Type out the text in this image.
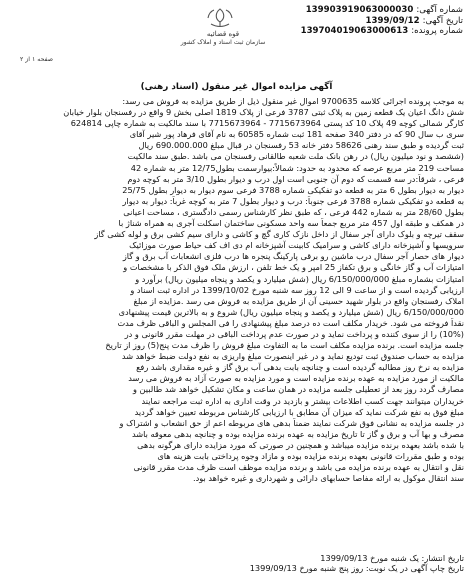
شماره آگهی: 139903919063000030
تاریخ آگهی: 1399/09/12
شماره پرونده: 139704019063000613
قوه قضائیه
سازمان ثبت اسناد و املاک کشور
صفحه ۱ از ۲
آگهی مزایده اموال غیر منقول (اسناد رهنی)
به موجب پرونده اجرائی کلاسه 9700635 اموال غیر منقول ذیل از طریق مزایده به فروش می رسد:
شش دانگ اعیان یک قطعه زمین به پلاک ثبتی 3787 فرعی از پلاک 1819 اصلی بخش 9 واقع در رفسنجان بلوار خیابان
کارگر شمالی کوچه 49 پلاک 10 کد پستی 7715673964 - 7715673964 با سند مالکیت به شماره چاپی 624814
سری ب سال 90 که در دفتر 340 صفحه 181 ثبت شماره 60585 به نام آقای فرهاد پور شیر آقای
ثبت گردیده و طبق سند رهنی 58626 دفتر خانه 53 رفسنجان در قبال مبلغ 690.000.000 ریال
(ششصد و نود میلیون ریال) در رهن بانک ملت شعبه طالقانی رفسنجان می باشد .طبق سند مالکیت
مساحت 219 متر مربع عرصه که محدود به حدود: شمالاً:بیوارسمت بطول12/75 متر به شماره 42
فرعی ، شرقاً:در سه قسمت که دوم آن جنوبی است اول درب و دیوار بطول 3/10 متر به کوچه دوم
دیوار به دیوار بطول 6 متر به قطعه دو تفکیکی شماره 3788 فرعی سوم دیوار به دیوار بطول 25/75
به قطعه دو تفکیکی شماره 3788 فرعی جنوباً: درب و دیوار بطول 7 متر به کوچه غرباً: دیوار به دیوار
بطول 28/60 متر به شماره 442 فرعی ، که طبق نظر کارشناس رسمی دادگستری ، مساحت اعیانی
در همکف و طبقه اول 457 متر مربع جمعاً سه واحد مسکونی ساختمان اسکلت آجری به همراه شناژ با
سقف تیرچه و بلوک دارای آجر سفال از داخل نازک کاری گچ و کاشی و دارای سیم کشی برق و لوله کشی گاز
سرویسها و آشپزخانه دارای کاشی و سرامیک کابینت آشپزخانه ام دی اف کف حیاط صورت موزائیک
دیوار های حصار آجر سفال درب ماشین رو برقی پارکینگ پنجره ها درب فلزی انشعابات آب برق و گاز
امتیازات آب و گاز خانگی و برق تکفاز 25 امپر و یک خط تلفن ، ارزش ملک فوق الذکر با مشخصات و
امتیازات بشماره مبلغ 6/150/000/000 ریال (شش میلیارد و یکصد و پنجاه میلیون ریال) برآورد و
ارزیابی گردیده است و از ساعت 9 الی 12 روز سه شنبه مورخ 1399/10/02 در اداره ثبت اسناد و
املاک رفسنجان واقع در بلوار شهید حسینی آن از طریق مزایده به فروش می رسد .مزایده از مبلغ
6/150/000/000 ریال (شش میلیارد و یکصد و پنجاه میلیون ریال) شروع و به بالاترین قیمت پیشنهادی
نقداً فروخته می شود. خریدار مکلف است ده درصد مبلغ پیشنهادی را فی المجلس و الباقی ظرف مدت
(10%) را از سوی کننده و پرداخت نماید و در صورت عدم پرداخت الباقی در مهلت مقرر قانونی و در
جلسه مزایده است. برنده مزایده مکلف است ما به التفاوت مبلغ فروش را ظرف مدت پنج(5) روز از تاریخ
مزایده به حساب صندوق ثبت تودیع نماید و در غیر اینصورت مبلغ واریزی به نفع دولت ضبط خواهد شد
مزایده به نرخ روز مطالبه گردیده است و چنانچه بابت بدهی آب برق گاز و غیره مقداری باشد رفع
مالکیت از مورد مزایده به عهده برنده مزایده است و مورد مزایده به صورت آزاد به فروش می رسد
مصارف گردد روز بعد از تعطیلی جلسه مزایده در همان ساعت و مکان تشکیل خواهد شد طالبین و
خریداران میتوانند جهت کسب اطلاعات بیشتر و بازدید در وقت اداری به اداره ثبت مراجعه نمایند
مبلغ فوق به نفع شرکت نماید که میزان آن مطابق با ارزیابی کارشناس مربوطه تعیین خواهد گردید
در جلسه مزایده به نشانی فوق شرکت نمایند ضمناً بدهی های مربوطه اعم از حق انشعاب و اشتراک و
مصرف و بها آب و برق و گاز تا تاریخ مزایده به عهده برنده مزایده بوده و چنانچه بدهی معوقه باشد
با شده باشد بعهده برنده مزایده میباشد و همچنین در صورتی که مورد مزایده دارای هرگونه بدهی
بوده و طبق مقررات قانونی بعهده برنده مزایده بوده و مازاد وجوه پرداختی بابت هزینه های
نقل و انتقال به عهده برنده مزایده می باشد و برنده مزایده موظف است ظرف مدت مقرر قانونی
سند انتقال موکول به ارائه مفاصا حسابهای دارائی و شهرداری و غیره خواهد بود.
تاریخ انتشار: یک شنبه مورخ 1399/09/13
تاریخ چاپ آگهی در یک نوبت: روز پنج شنبه مورخ 1399/09/13
